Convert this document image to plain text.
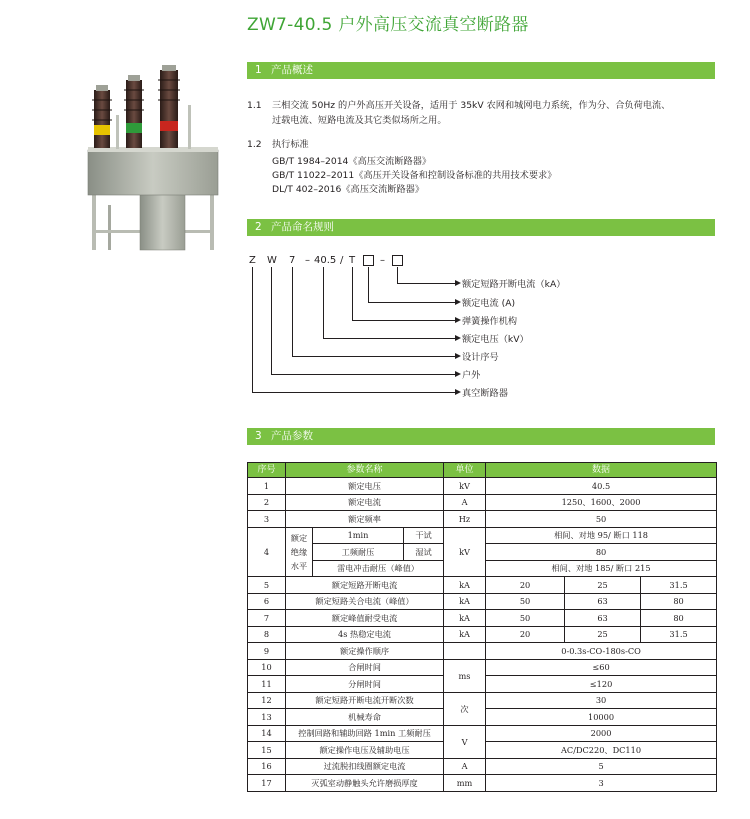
ZW7-40.5 户外高压交流真空断路器
1 产品概述
1.1 三相交流 50Hz 的户外高压开关设备，适用于 35kV 农网和城网电力系统，作为分、合负荷电流、
过载电流、短路电流及其它类似场所之用。
1.2 执行标准
GB/T 1984–2014《高压交流断路器》
GB/T 11022–2011《高压开关设备和控制设备标准的共用技术要求》
DL/T 402–2016《高压交流断路器》
2 产品命名规则
Z W 7 – 40.5 / T –
额定短路开断电流（kA）
额定电流 (A)
弹簧操作机构
额定电压（kV）
设计序号
户外
真空断路器
3 产品参数
序号	参数名称			单位	数据		
1	额定电压			kV	40.5		
2	额定电流			A	1250、1600、2000		
3	额定频率			Hz	50		
4	额定
绝缘
水平	1min	干试	kV	相间、对地 95/ 断口 118		
		工频耐压	湿试		80		
		雷电冲击耐压（峰值）			相间、对地 185/ 断口 215		
5	额定短路开断电流			kA	20	25	31.5
6	额定短路关合电流（峰值）			kA	50	63	80
7	额定峰值耐受电流			kA	50	63	80
8	4s 热稳定电流			kA	20	25	31.5
9	额定操作顺序				0-0.3s-CO-180s-CO		
10	合闸时间			ms	≤60		
11	分闸时间				≤120		
12	额定短路开断电流开断次数			次	30		
13	机械寿命				10000		
14	控制回路和辅助回路 1min 工频耐压			V	2000		
15	额定操作电压及辅助电压				AC/DC220、DC110		
16	过流脱扣线圈额定电流			A	5		
17	灭弧室动静触头允许磨损厚度			mm	3		
